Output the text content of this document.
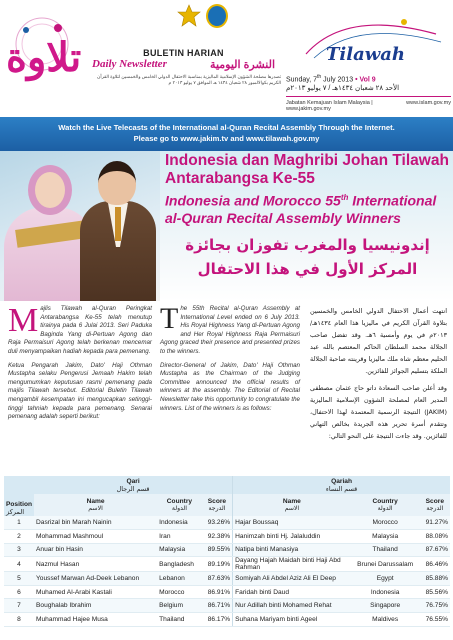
تلاوة	BULETIN HARIAN
Daily Newsletter	النشرة اليومية
تصدرها مصلحة الشؤون الإسلامية الماليزية بمناسبة الاحتفال الدولي الخامس والخمسين لتلاوة القرآن الكريم بكوالالمبور ٢٨ شعبان ١٤٣٤ هـ الموافق ٧ يوليو ٢٠١٣ م
Tilawah
Sunday, 7th July 2013 • Vol 9
الأحد ٢٨ شعبان ١٤٣٤هـ / ٧ يوليو ٢٠١٣م
Jabatan Kemajuan Islam Malaysia | www.jakim.gov.my
www.islam.gov.my
Watch the Live Telecasts of the International al-Quran Recital Assembly Through the Internet.
Please go to www.jakim.tv and www.tilawah.gov.my
Indonesia dan Maghribi Johan Tilawah Antarabangsa Ke-55
Indonesia and Morocco 55th International al-Quran Recital Assembly Winners
إندونيسيا والمغرب تفوزان بجائزة المركز الأول في هذا الاحتفال

Majlis Tilawah al-Quran Peringkat Antarabangsa Ke-55 telah menutup tirainya pada 6 Julai 2013. Seri Paduka Baginda Yang di-Pertuan Agong dan Raja Permaisuri Agong telah berkenan mencemar duli menyampaikan hadiah kepada para pemenang.

Ketua Pengarah Jakim, Dato' Haji Othman Mustapha selaku Pengerusi Jemaah Hakim telah mengumumkan keputusan rasmi pemenang pada majlis Tilawah tersebut. Editorial Buletin Tilawah mengambil kesempatan ini mengucapkan setinggi-tinggi tahniah kepada para pemenang. Senarai pemenang adalah seperti berikut:

The 55th Recital al-Quran Assembly at International Level ended on 6 July 2013. His Royal Highness Yang di-Pertuan Agong and Her Royal Highness Raja Permaisuri Agong graced their presence and presented prizes to the winners.

Director-General of Jakim, Dato' Haji Othman Mustapha as the Chairman of the Judging Committee announced the official results of winners at the assembly. The Editorial of Recital Newsletter take this opportunity to congratulate the winners. List of the winners is as follows:

انتهت أعمال الاحتفال الدولي الخامس والخمسين بتلاوة القرآن الكريم في ماليزيا هذا العام ١٤٣٤هـ/ ٢٠١٣م في يوم وأمسية ٦هـ. وقد تفضل صاحب الجلالة محمد السلطان الحاكم المعتصم بالله عبد الحليم معظم شاه ملك ماليزيا وقرينته صاحبة الجلالة الملكة بتسليم الجوائز للفائزين.

وقد أعلن صاحب السعادة داتو حاج عثمان مصطفى المدير العام لمصلحة الشؤون الإسلامية الماليزية (JAKIM) النتيجة الرسمية المعتمدة لهذا الاحتفال، وتتقدم أسرة تحرير هذه الجريدة بخالص التهاني للفائزين. وقد جاءت النتيجة على النحو التالي:

Position
المركز	Qari
قسم الرجال			Qariah
قسم النساء		

	Name
الاسم	Country
الدولة	Score
الدرجة	Name
الاسم	Country
الدولة	Score
الدرجة

1	Dasrizal bin Marah Nainin	Indonesia	93.26%	Hajar Boussaq	Morocco	91.27%
2	Mohammad Mashmoul	Iran	92.38%	Hanimzah binti Hj. Jalaluddin	Malaysia	88.08%
3	Anuar bin Hasin	Malaysia	89.55%	Natipa binti Manasiya	Thailand	87.67%
4	Nazmul Hasan	Bangladesh	89.19%	Dayang Hajah Maidah binti Haji Abd Rahman	Brunei Darussalam	86.46%
5	Youssef Marwan Ad-Deek Lebanon	Lebanon	87.63%	Somiyah Ali Abdel Aziz Ali El Deep	Egypt	85.88%
6	Muhamed Al-Arabi Kastali	Morocco	86.91%	Faridah binti Daud	Indonesia	85.56%
7	Boughalab Ibrahim	Belgium	86.71%	Nur Adillah binti Mohamed Rehat	Singapore	76.75%
8	Muhammad Hajee Musa	Thailand	86.17%	Suhana Mariyam binti Ageel	Maldives	76.55%
